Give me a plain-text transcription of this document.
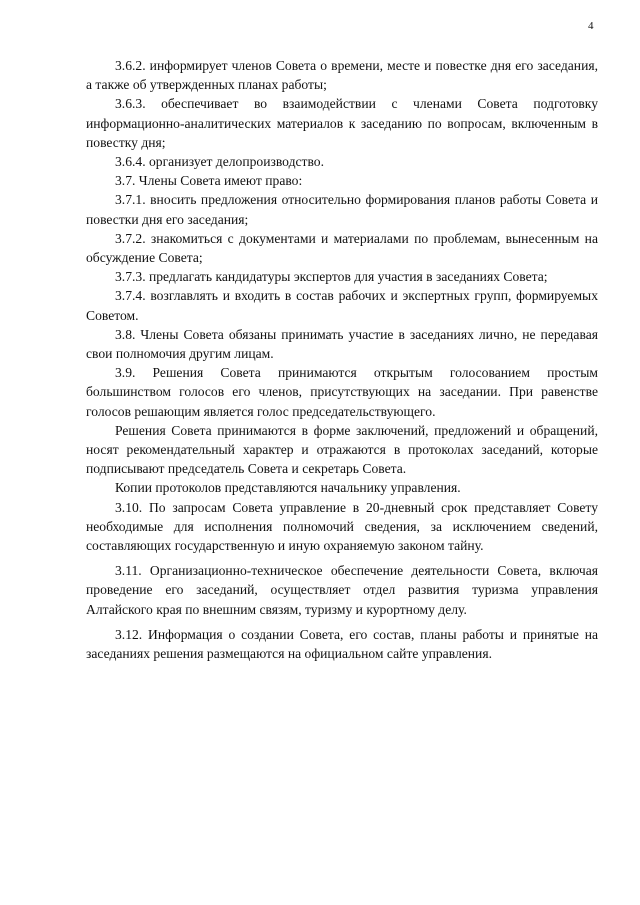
4

3.6.2. информирует членов Совета о времени, месте и повестке дня его заседания, а также об утвержденных планах работы;

3.6.3. обеспечивает во взаимодействии с членами Совета подготовку информационно-аналитических материалов к заседанию по вопросам, включенным в повестку дня;

3.6.4. организует делопроизводство.

3.7. Члены Совета имеют право:

3.7.1. вносить предложения относительно формирования планов работы Совета и повестки дня его заседания;

3.7.2. знакомиться с документами и материалами по проблемам, вынесенным на обсуждение Совета;

3.7.3. предлагать кандидатуры экспертов для участия в заседаниях Совета;

3.7.4. возглавлять и входить в состав рабочих и экспертных групп, формируемых Советом.

3.8. Члены Совета обязаны принимать участие в заседаниях лично, не передавая свои полномочия другим лицам.

3.9. Решения Совета принимаются открытым голосованием простым большинством голосов его членов, присутствующих на заседании. При равенстве голосов решающим является голос председательствующего.

Решения Совета принимаются в форме заключений, предложений и обращений, носят рекомендательный характер и отражаются в протоколах заседаний, которые подписывают председатель Совета и секретарь Совета.

Копии протоколов представляются начальнику управления.

3.10. По запросам Совета управление в 20-дневный срок представляет Совету необходимые для исполнения полномочий сведения, за исключением сведений, составляющих государственную и иную охраняемую законом тайну.

3.11. Организационно-техническое обеспечение деятельности Совета, включая проведение его заседаний, осуществляет отдел развития туризма управления Алтайского края по внешним связям, туризму и курортному делу.

3.12. Информация о создании Совета, его состав, планы работы и принятые на заседаниях решения размещаются на официальном сайте управления.
